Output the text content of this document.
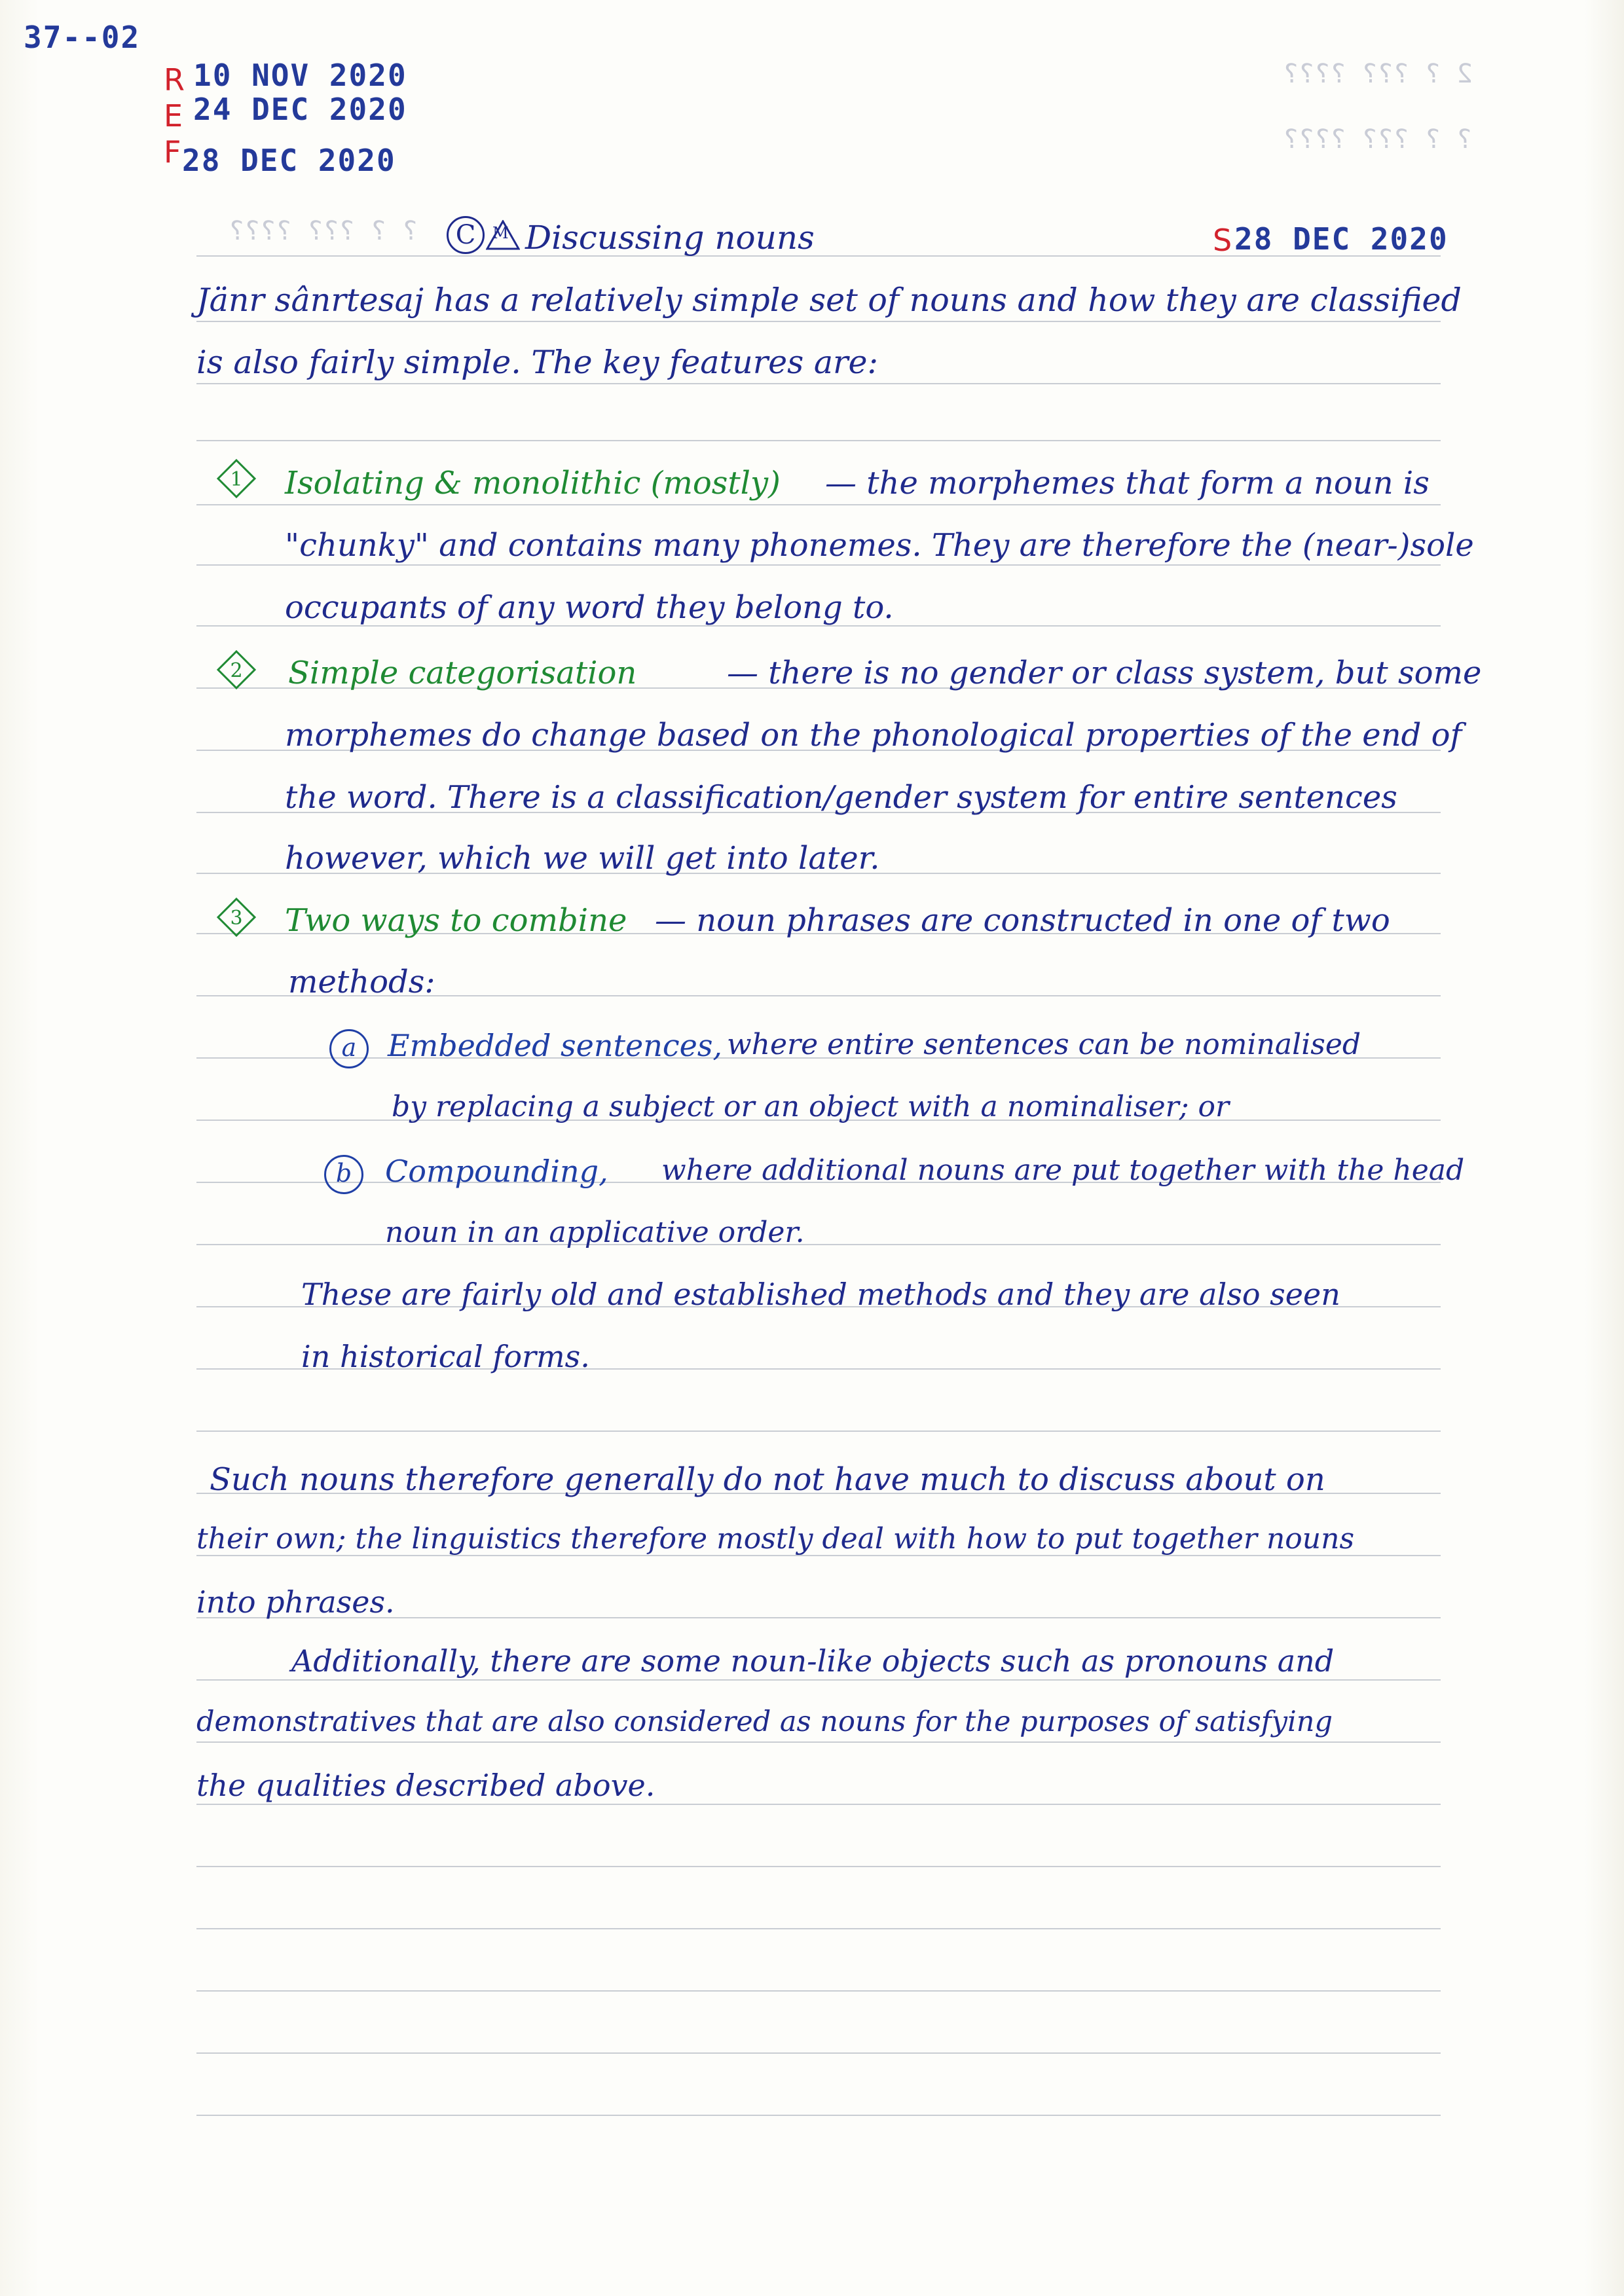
2 ? ??? ????
? ? ??? ????
? ? ??? ????
37--02
R
E
F
10 NOV 2020
24 DEC 2020
28 DEC 2020
S 28 DEC 2020
C	M Discussing nouns
Jänr sânrtesaj has a relatively simple set of nouns and how they are classified
is also fairly simple. The key features are:
1 Isolating & monolithic (mostly) — the morphemes that form a noun is
"chunky" and contains many phonemes. They are therefore the (near-)sole
occupants of any word they belong to.
2 Simple categorisation	— there is no gender or class system, but some
morphemes do change based on the phonological properties of the end of
the word. There is a classification/gender system for entire sentences
however, which we will get into later.
3 Two ways to combine — noun phrases are constructed in one of two
methods:
a	Embedded sentences, where entire sentences can be nominalised
by replacing a subject or an object with a nominaliser; or
b	Compounding, where additional nouns are put together with the head
noun in an applicative order.
These are fairly old and established methods and they are also seen
in historical forms.
Such nouns therefore generally do not have much to discuss about on
their own; the linguistics therefore mostly deal with how to put together nouns
into phrases.
Additionally, there are some noun-like objects such as pronouns and
demonstratives that are also considered as nouns for the purposes of satisfying
the qualities described above.
